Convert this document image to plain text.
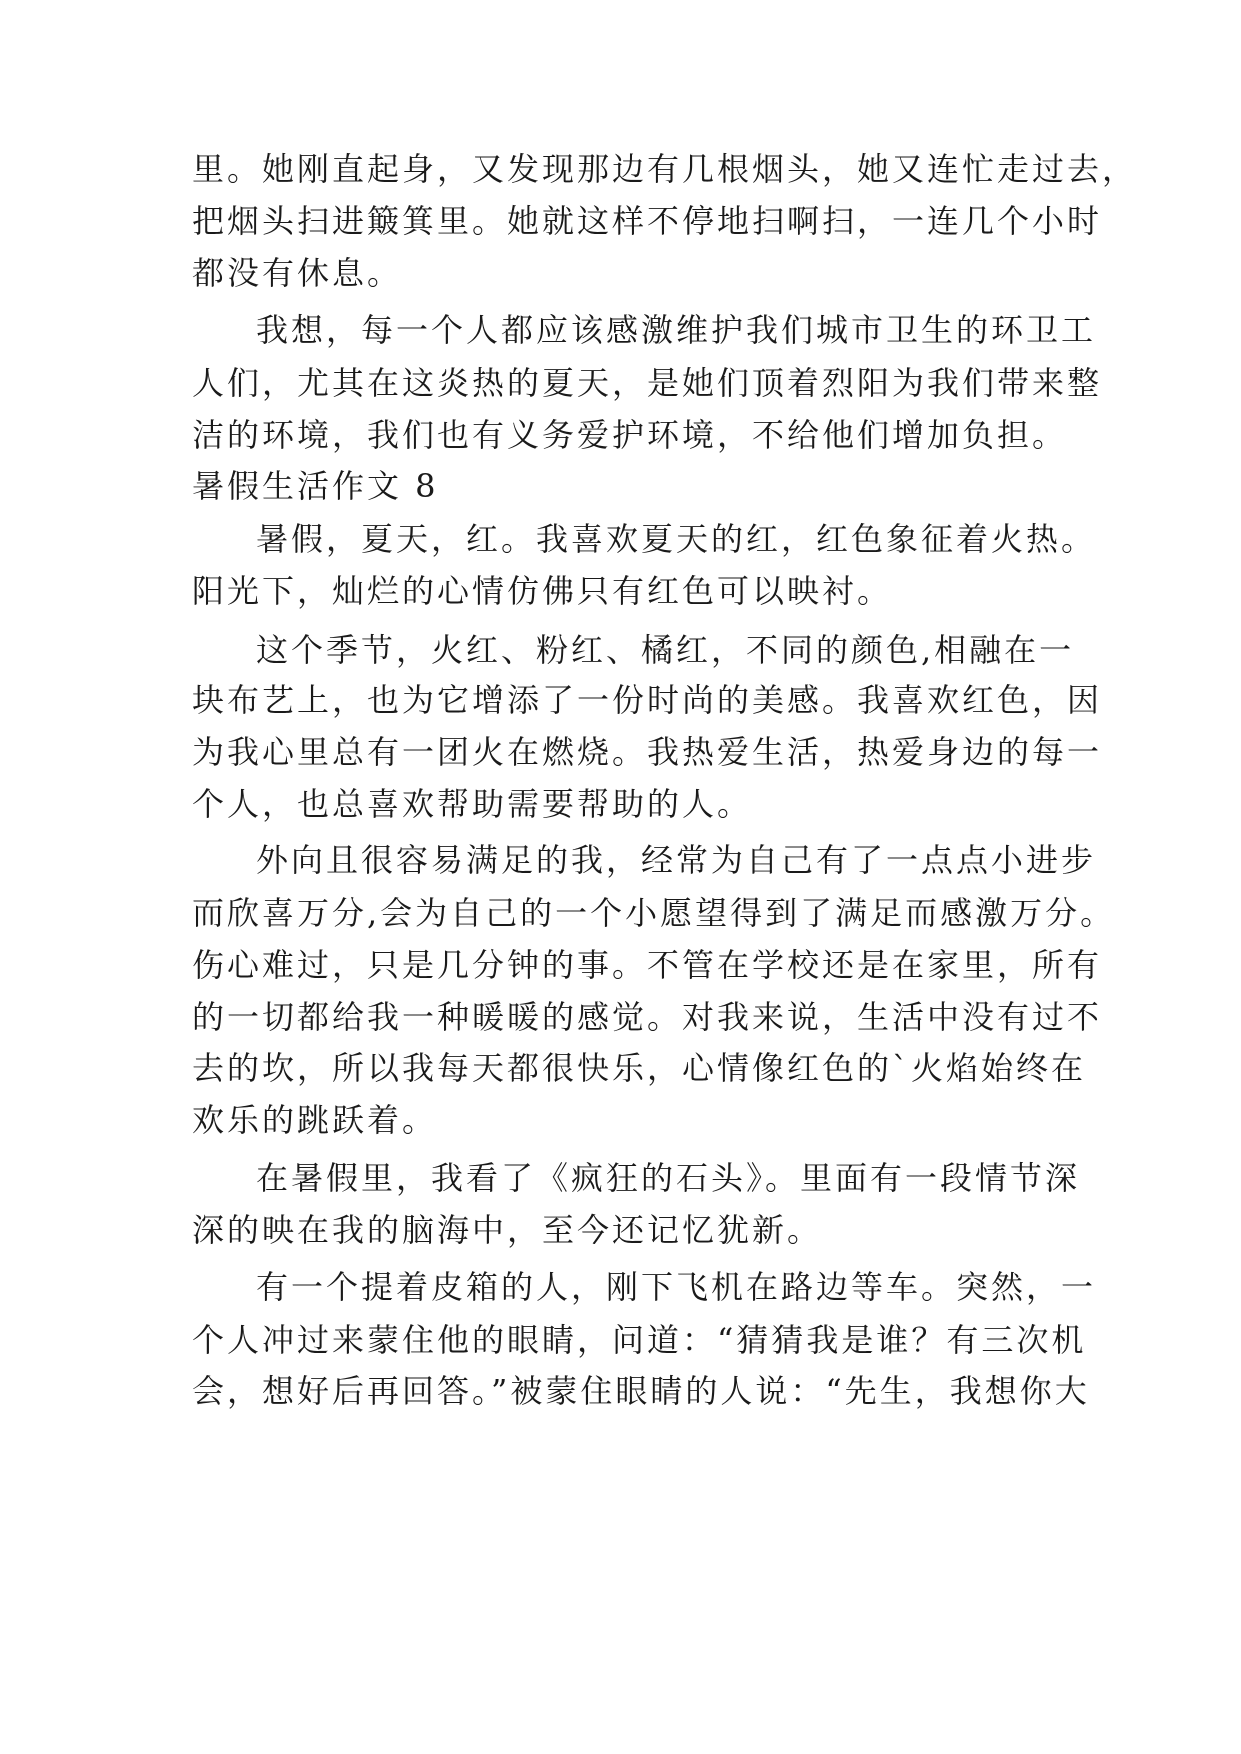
里。她刚直起身，又发现那边有几根烟头，她又连忙走过去，
把烟头扫进簸箕里。她就这样不停地扫啊扫，一连几个小时
都没有休息。
我想，每一个人都应该感激维护我们城市卫生的环卫工
人们，尤其在这炎热的夏天，是她们顶着烈阳为我们带来整
洁的环境，我们也有义务爱护环境，不给他们增加负担。
暑假生活作文 8
暑假，夏天，红。我喜欢夏天的红，红色象征着火热。
阳光下，灿烂的心情仿佛只有红色可以映衬。
这个季节，火红、粉红、橘红，不同的颜色,相融在一
块布艺上，也为它增添了一份时尚的美感。我喜欢红色，因
为我心里总有一团火在燃烧。我热爱生活，热爱身边的每一
个人，也总喜欢帮助需要帮助的人。
外向且很容易满足的我，经常为自己有了一点点小进步
而欣喜万分,会为自己的一个小愿望得到了满足而感激万分。
伤心难过，只是几分钟的事。不管在学校还是在家里，所有
的一切都给我一种暖暖的感觉。对我来说，生活中没有过不
去的坎，所以我每天都很快乐，心情像红色的`火焰始终在
欢乐的跳跃着。
在暑假里，我看了《疯狂的石头》。里面有一段情节深
深的映在我的脑海中，至今还记忆犹新。
有一个提着皮箱的人，刚下飞机在路边等车。突然，一
个人冲过来蒙住他的眼睛，问道：“猜猜我是谁？有三次机
会，想好后再回答。”被蒙住眼睛的人说：“先生，我想你大
